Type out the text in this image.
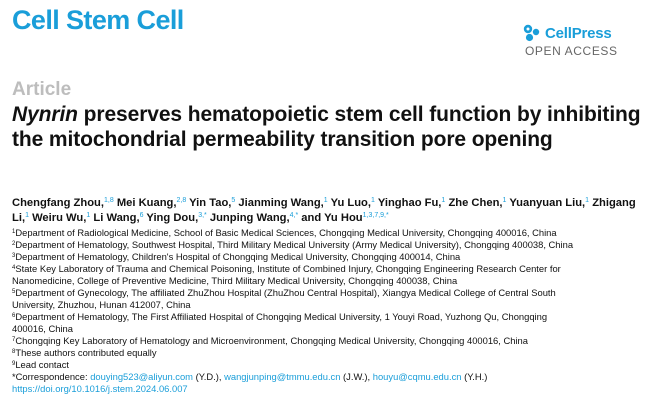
Cell Stem Cell	CellPress
OPEN ACCESS
Article
Nynrin preserves hematopoietic stem cell function by inhibiting the mitochondrial permeability transition pore opening
Chengfang Zhou,$^{1,8}$ Mei Kuang,$^{2,8}$ Yin Tao,$^5$ Jianming Wang,$^1$ Yu Luo,$^1$ Yinghao Fu,$^1$ Zhe Chen,$^1$ Yuanyuan Liu,$^1$ Zhigang Li,$^1$ Weiru Wu,$^1$ Li Wang,$^6$ Ying Dou,$^{3,*}$ Junping Wang,$^{4,*}$ and Yu Hou$^{1,3,7,9,*}$
$^1$Department of Radiological Medicine, School of Basic Medical Sciences, Chongqing Medical University, Chongqing 400016, China
$^2$Department of Hematology, Southwest Hospital, Third Military Medical University (Army Medical University), Chongqing 400038, China
$^3$Department of Hematology, Children's Hospital of Chongqing Medical University, Chongqing 400014, China
$^4$State Key Laboratory of Trauma and Chemical Poisoning, Institute of Combined Injury, Chongqing Engineering Research Center for
Nanomedicine, College of Preventive Medicine, Third Military Medical University, Chongqing 400038, China
$^5$Department of Gynecology, The affiliated ZhuZhou Hospital (ZhuZhou Central Hospital), Xiangya Medical College of Central South
University, Zhuzhou, Hunan 412007, China
$^6$Department of Hematology, The First Affiliated Hospital of Chongqing Medical University, 1 Youyi Road, Yuzhong Qu, Chongqing
400016, China
$^7$Chongqing Key Laboratory of Hematology and Microenvironment, Chongqing Medical University, Chongqing 400016, China
$^8$These authors contributed equally
$^9$Lead contact
*Correspondence: douying523@aliyun.com (Y.D.), wangjunping@tmmu.edu.cn (J.W.), houyu@cqmu.edu.cn (Y.H.)
https://doi.org/10.1016/j.stem.2024.06.007
